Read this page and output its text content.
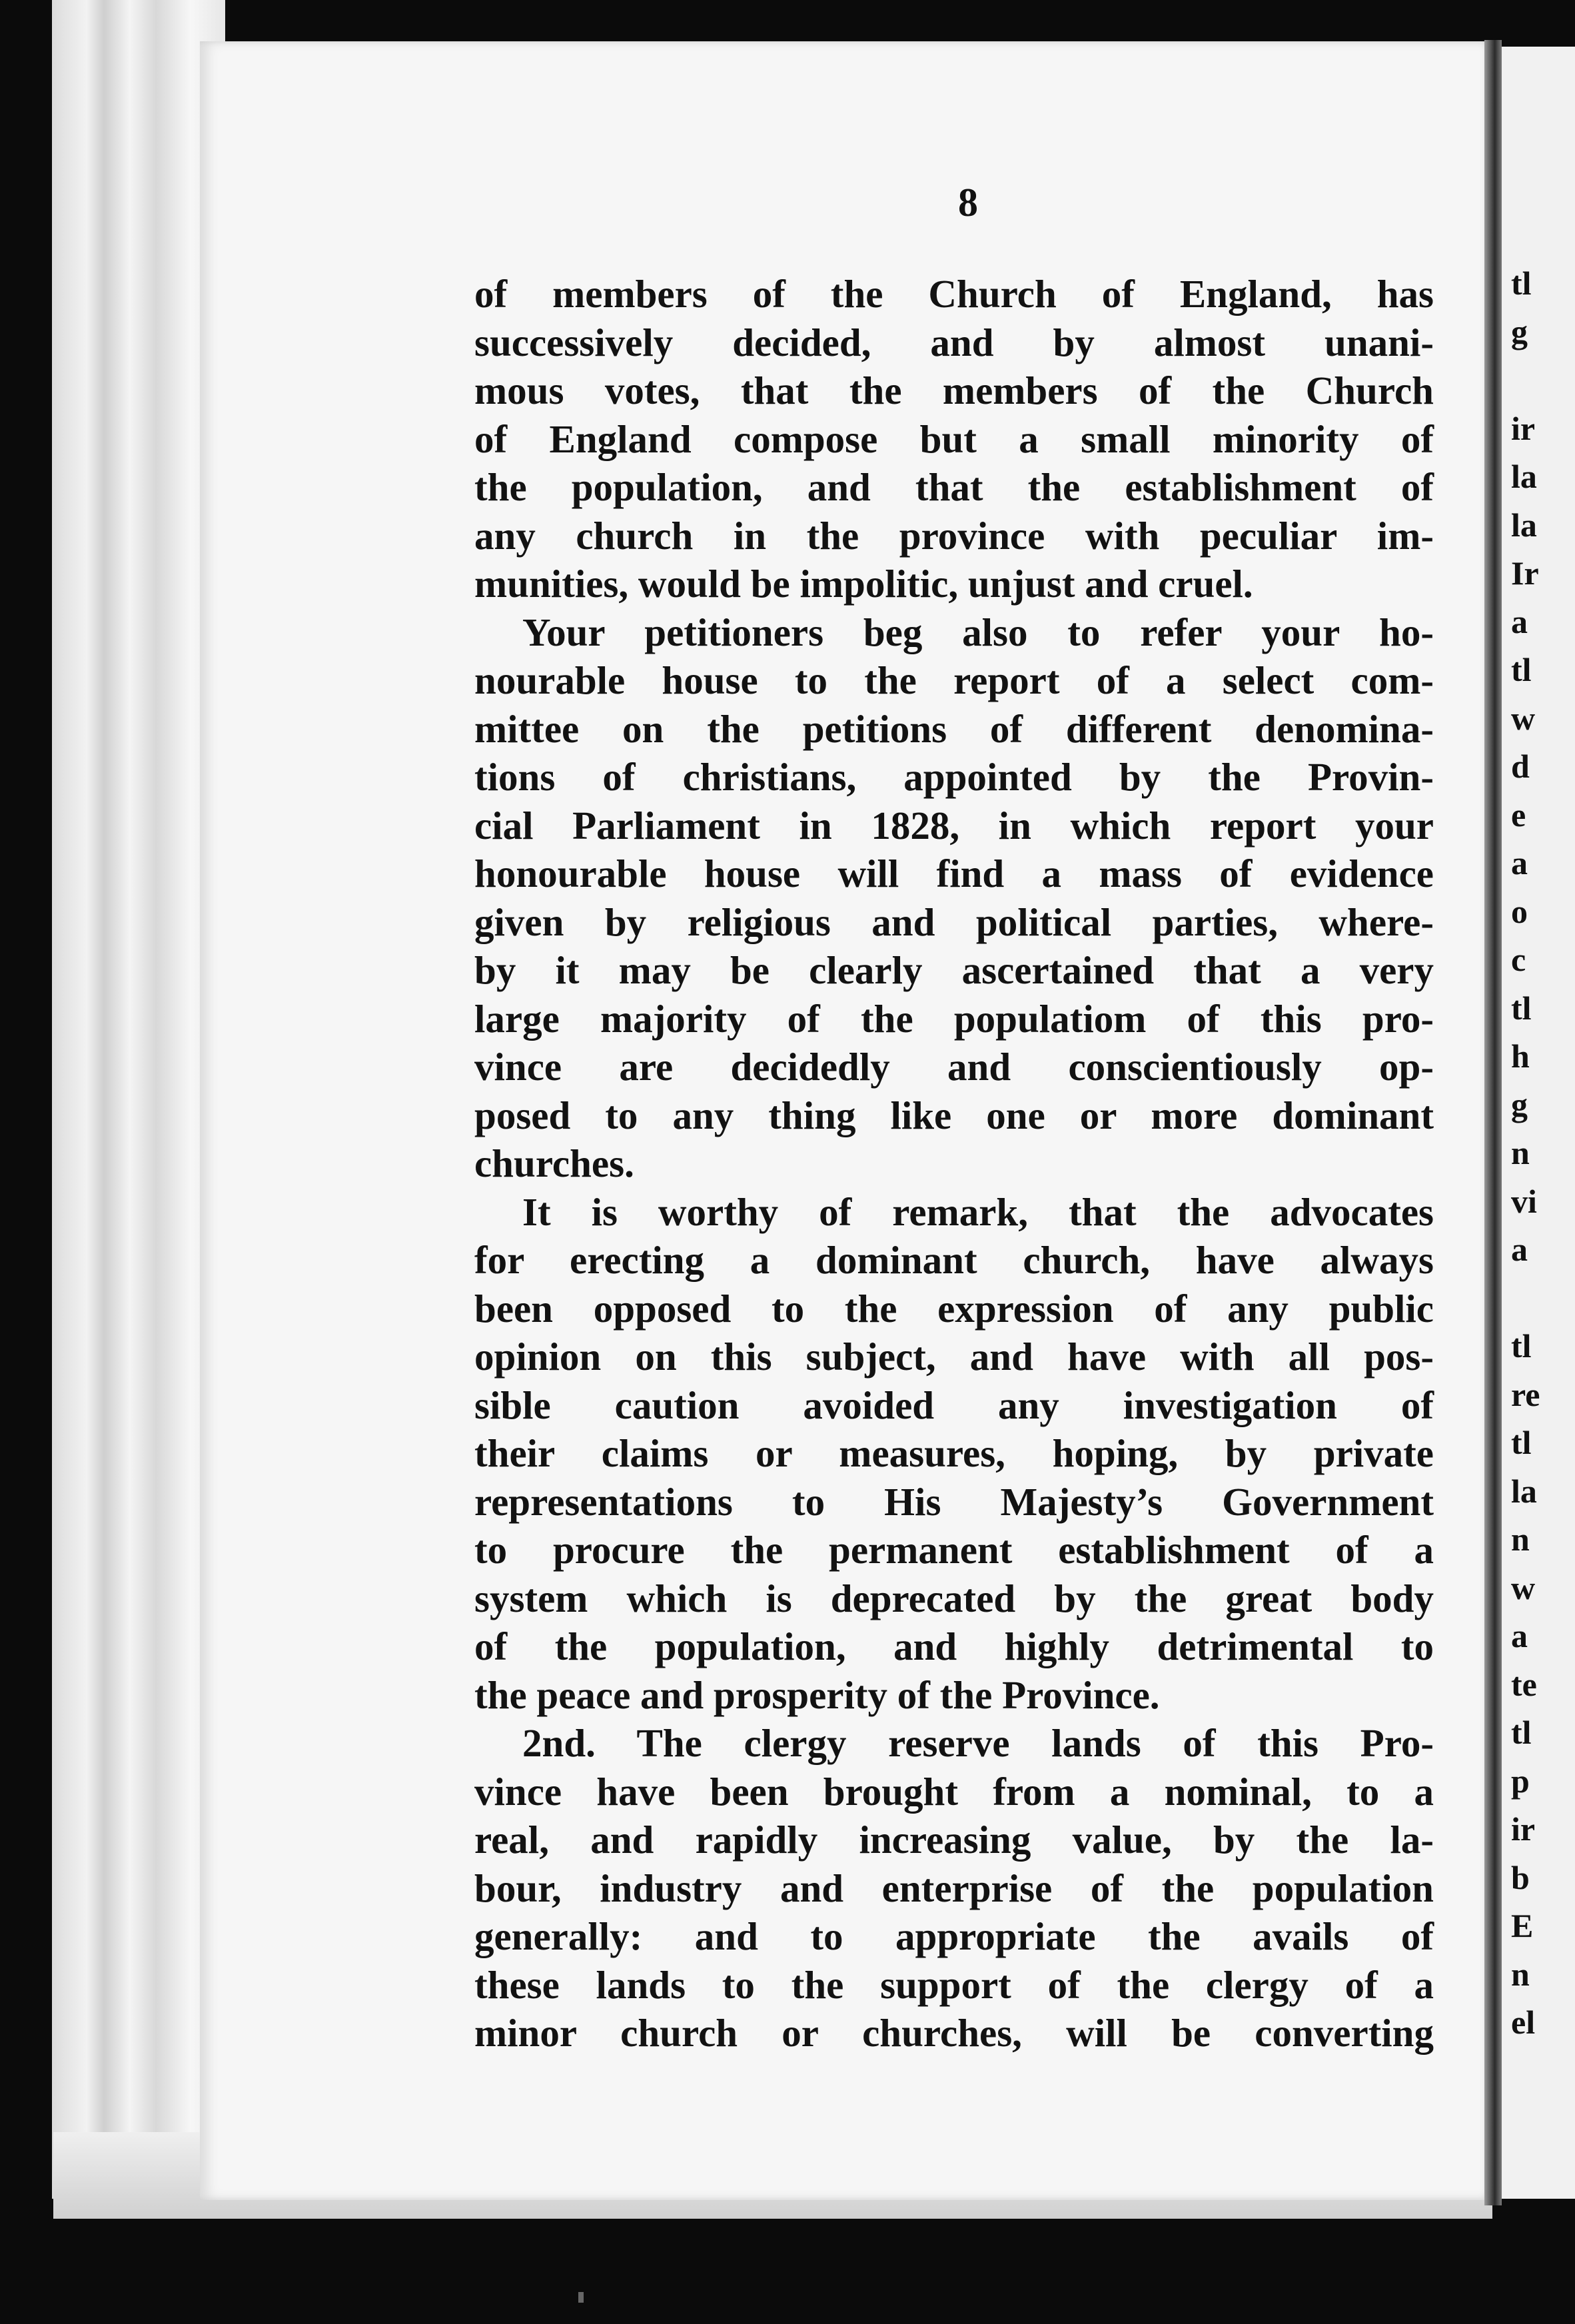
8
of members of the Church of England, has
successively decided, and by almost unani-
mous votes, that the members of the Church
of England compose but a small minority of
the population, and that the establishment of
any church in the province with peculiar im-
munities, would be impolitic, unjust and cruel.
Your petitioners beg also to refer your ho-
nourable house to the report of a select com-
mittee on the petitions of different denomina-
tions of christians, appointed by the Provin-
cial Parliament in 1828, in which report your
honourable house will find a mass of evidence
given by religious and political parties, where-
by it may be clearly ascertained that a very
large majority of the populatiom of this pro-
vince are decidedly and conscientiously op-
posed to any thing like one or more dominant
churches.
It is worthy of remark, that the advocates
for erecting a dominant church, have always
been opposed to the expression of any public
opinion on this subject, and have with all pos-
sible caution avoided any investigation of
their claims or measures, hoping, by private
representations to His Majesty’s Government
to procure the permanent establishment of a
system which is deprecated by the great body
of the population, and highly detrimental to
the peace and prosperity of the Province.
2nd. The clergy reserve lands of this Pro-
vince have been brought from a nominal, to a
real, and rapidly increasing value, by the la-
bour, industry and enterprise of the population
generally: and to appropriate the avails of
these lands to the support of the clergy of a
minor church or churches, will be converting
tl
g
ir
la
la
Ir
a
tl
w
d
e
a
o
c
tl
h
g
n
vi
a
tl
re
tl
la
n
w
a
te
tl
p
ir
b
E
n
el
